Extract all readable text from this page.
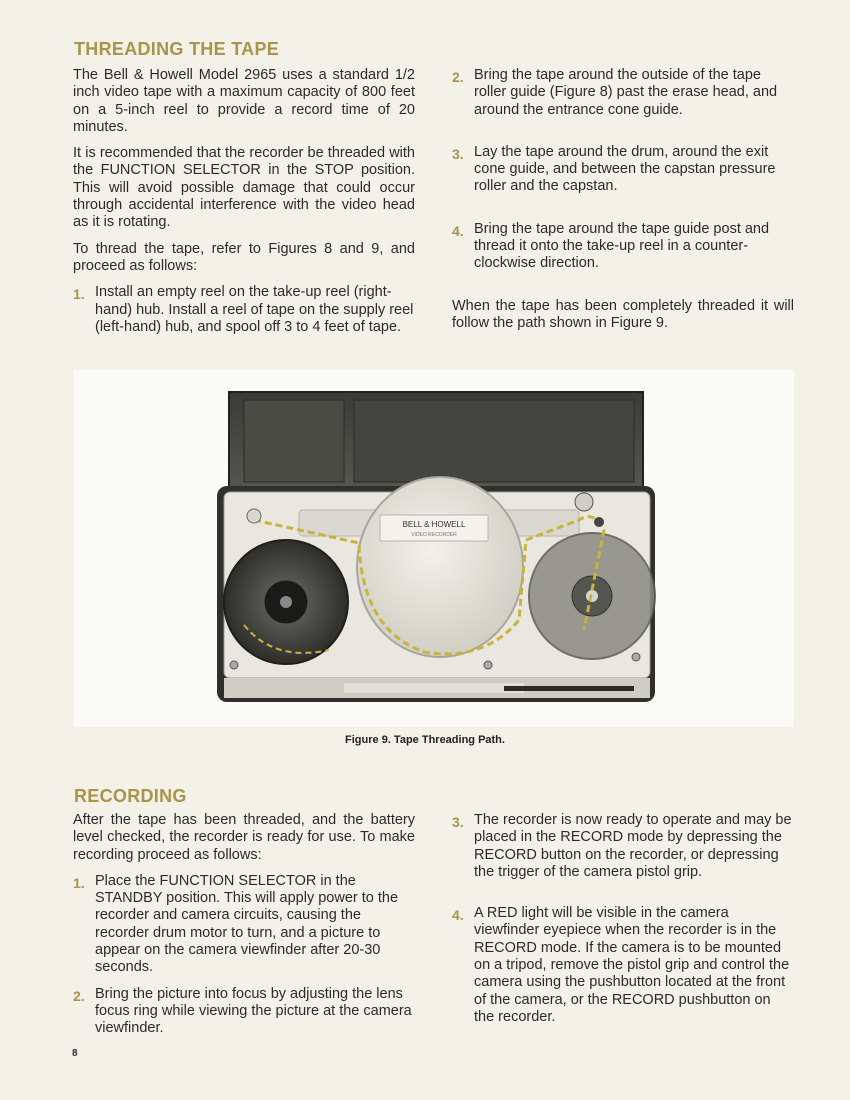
THREADING THE TAPE

The Bell & Howell Model 2965 uses a standard 1/2 inch video tape with a maximum capacity of 800 feet on a 5-inch reel to provide a record time of 20 minutes.

It is recommended that the recorder be threaded with the FUNCTION SELECTOR in the STOP position. This will avoid possible damage that could occur through accidental interference with the video head as it is rotating.

To thread the tape, refer to Figures 8 and 9, and proceed as follows:

1. Install an empty reel on the take-up reel (right-hand) hub. Install a reel of tape on the supply reel (left-hand) hub, and spool off 3 to 4 feet of tape.
2. Bring the tape around the outside of the tape roller guide (Figure 8) past the erase head, and around the entrance cone guide.
3. Lay the tape around the drum, around the exit cone guide, and between the capstan pressure roller and the capstan.
4. Bring the tape around the tape guide post and thread it onto the take-up reel in a counter-clockwise direction.

When the tape has been completely threaded it will follow the path shown in Figure 9.

BELL & HOWELL
VIDEO RECORDER
Figure 9. Tape Threading Path.
RECORDING

After the tape has been threaded, and the battery level checked, the recorder is ready for use. To make recording proceed as follows:

1. Place the FUNCTION SELECTOR in the STANDBY position. This will apply power to the recorder and camera circuits, causing the recorder drum motor to turn, and a picture to appear on the camera viewfinder after 20-30 seconds.
2. Bring the picture into focus by adjusting the lens focus ring while viewing the picture at the camera viewfinder.
3. The recorder is now ready to operate and may be placed in the RECORD mode by depressing the RECORD button on the recorder, or depressing the trigger of the camera pistol grip.
4. A RED light will be visible in the camera viewfinder eyepiece when the recorder is in the RECORD mode. If the camera is to be mounted on a tripod, remove the pistol grip and control the camera using the pushbutton located at the front of the camera, or the RECORD pushbutton on the recorder.
8
